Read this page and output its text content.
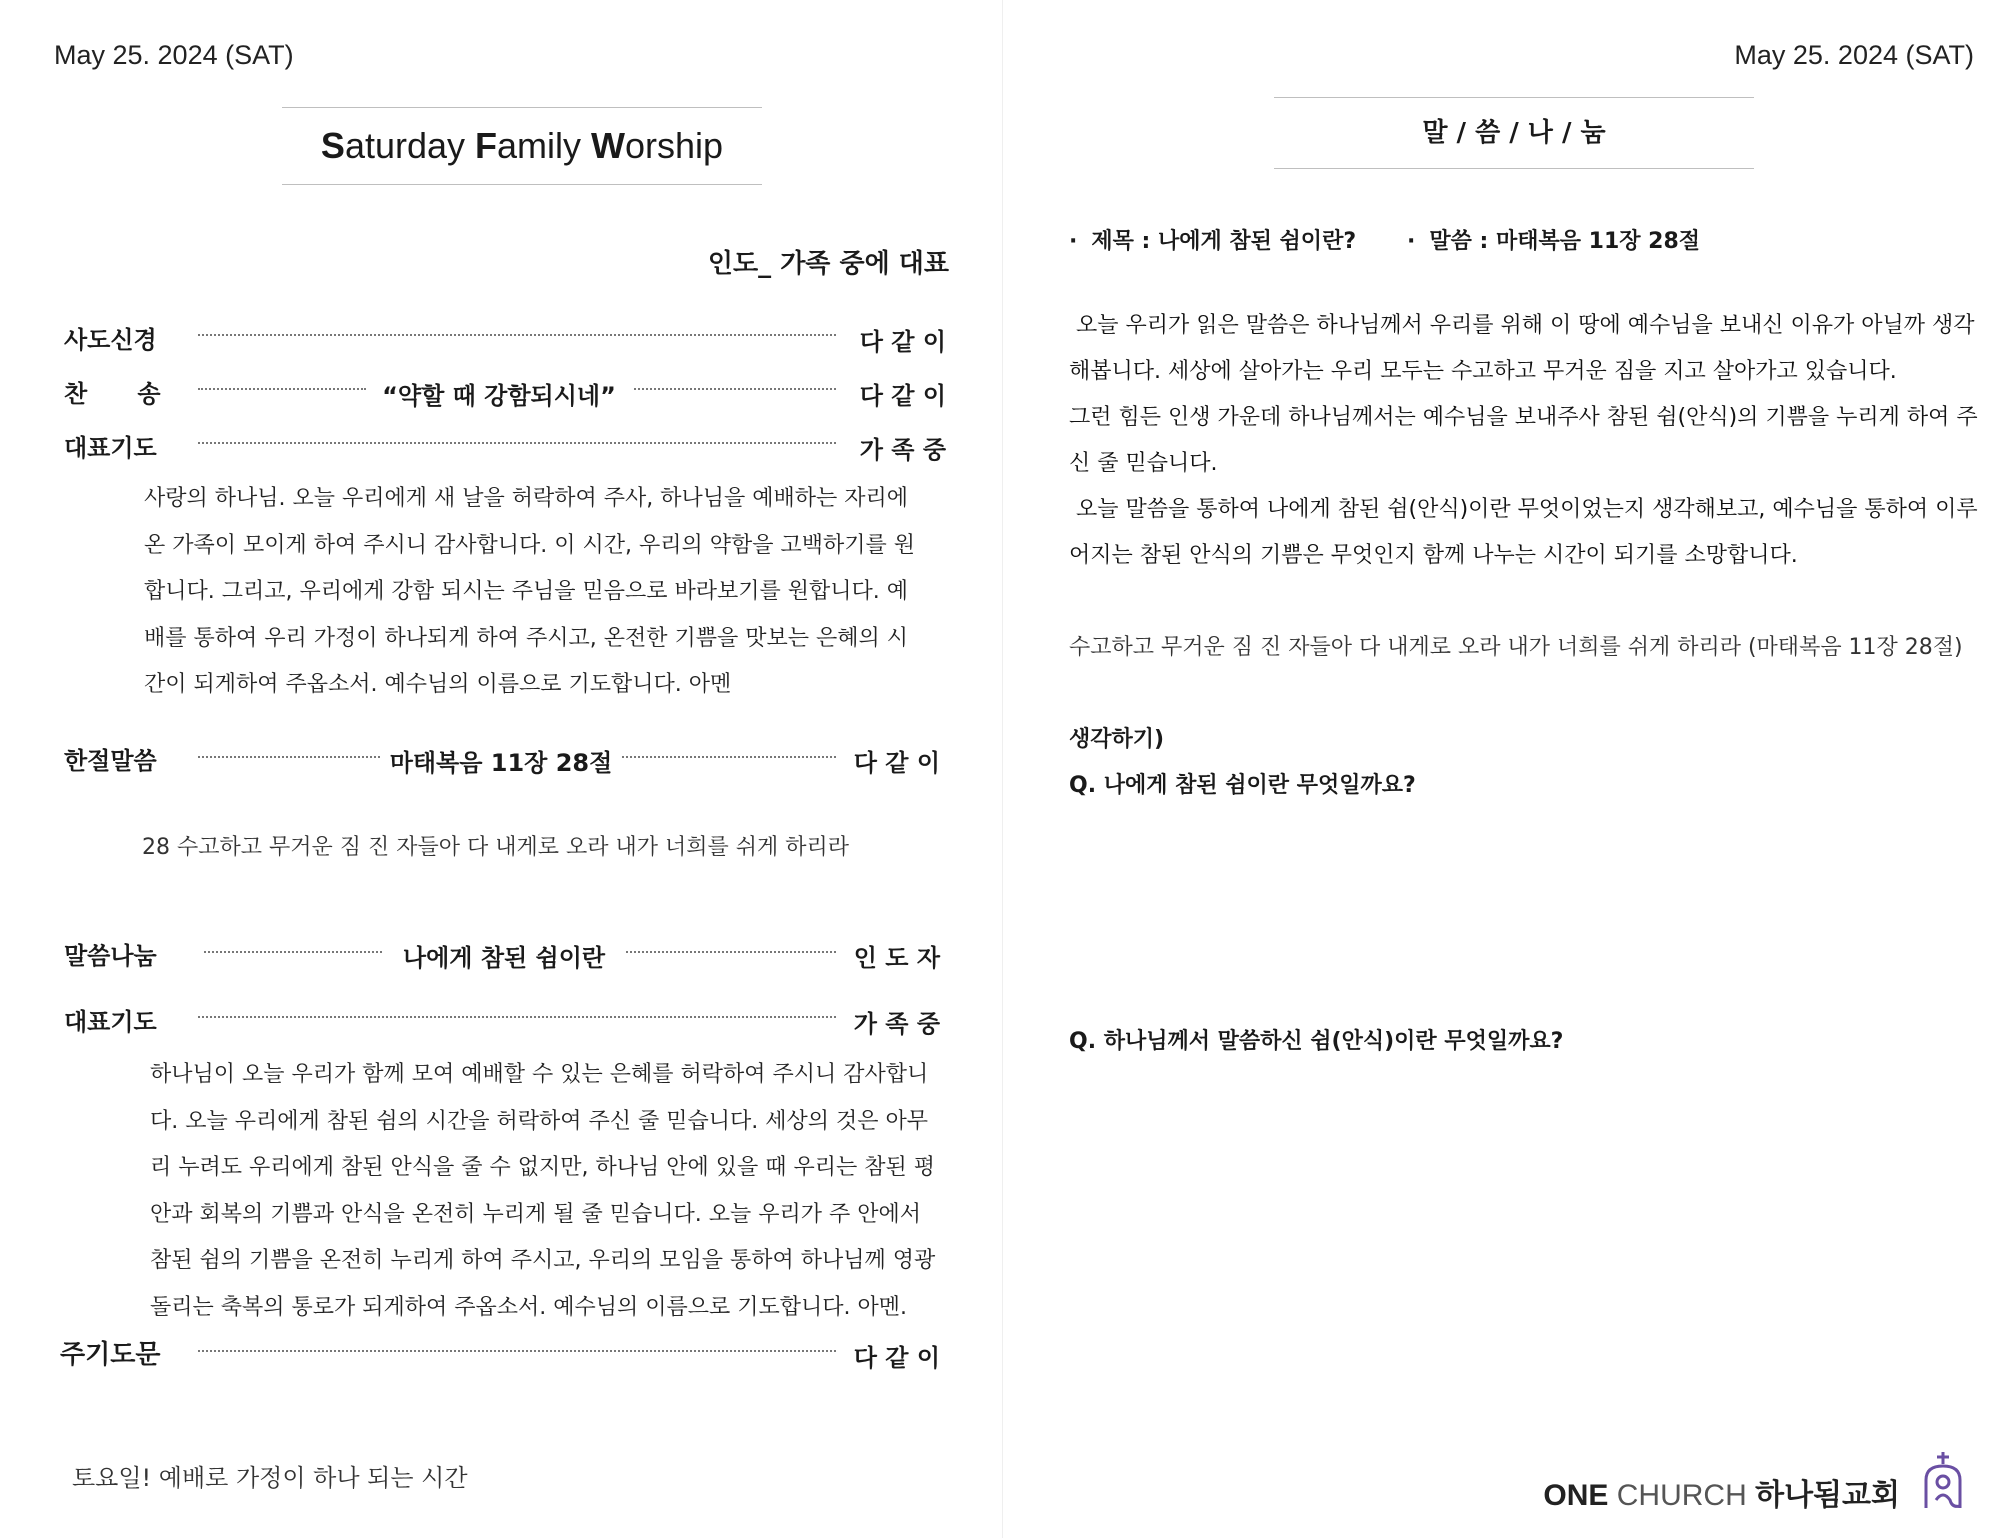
May 25. 2024 (SAT)
Saturday Family Worship
인도_ 가족 중에 대표
사도신경	다 같 이
찬      송	“약할 때 강함되시네”	다 같 이
대표기도	가 족 중
사랑의 하나님. 오늘 우리에게 새 날을 허락하여 주사, 하나님을 예배하는 자리에
온 가족이 모이게 하여 주시니 감사합니다. 이 시간, 우리의 약함을 고백하기를 원
합니다. 그리고, 우리에게 강함 되시는 주님을 믿음으로 바라보기를 원합니다. 예
배를 통하여 우리 가정이 하나되게 하여 주시고, 온전한 기쁨을 맛보는 은혜의 시
간이 되게하여 주옵소서. 예수님의 이름으로 기도합니다. 아멘
한절말씀	마태복음 11장 28절	다 같 이
28 수고하고 무거운 짐 진 자들아 다 내게로 오라 내가 너희를 쉬게 하리라
말씀나눔	나에게 참된 쉼이란	인 도 자
대표기도	가 족 중
하나님이 오늘 우리가 함께 모여 예배할 수 있는 은혜를 허락하여 주시니 감사합니
다. 오늘 우리에게 참된 쉼의 시간을 허락하여 주신 줄 믿습니다. 세상의 것은 아무
리 누려도 우리에게 참된 안식을 줄 수 없지만, 하나님 안에 있을 때 우리는 참된 평
안과 회복의 기쁨과 안식을 온전히 누리게 될 줄 믿습니다. 오늘 우리가 주 안에서
참된 쉼의 기쁨을 온전히 누리게 하여 주시고, 우리의 모임을 통하여 하나님께 영광
돌리는 축복의 통로가 되게하여 주옵소서. 예수님의 이름으로 기도합니다. 아멘.
주기도문	다 같 이
토요일! 예배로 가정이 하나 되는 시간
May 25. 2024 (SAT)
말 / 씀 / 나 / 눔
· 제목 : 나에게 참된 쉼이란? · 말씀 : 마태복음 11장 28절
오늘 우리가 읽은 말씀은 하나님께서 우리를 위해 이 땅에 예수님을 보내신 이유가 아닐까 생각
해봅니다. 세상에 살아가는 우리 모두는 수고하고 무거운 짐을 지고 살아가고 있습니다.
그런 힘든 인생 가운데 하나님께서는 예수님을 보내주사 참된 쉼(안식)의 기쁨을 누리게 하여 주
신 줄 믿습니다.
오늘 말씀을 통하여 나에게 참된 쉼(안식)이란 무엇이었는지 생각해보고, 예수님을 통하여 이루
어지는 참된 안식의 기쁨은 무엇인지 함께 나누는 시간이 되기를 소망합니다.
수고하고 무거운 짐 진 자들아 다 내게로 오라 내가 너희를 쉬게 하리라 (마태복음 11장 28절)
생각하기)
Q. 나에게 참된 쉼이란 무엇일까요?
Q. 하나님께서 말씀하신 쉼(안식)이란 무엇일까요?
ONE CHURCH 하나됨교회
